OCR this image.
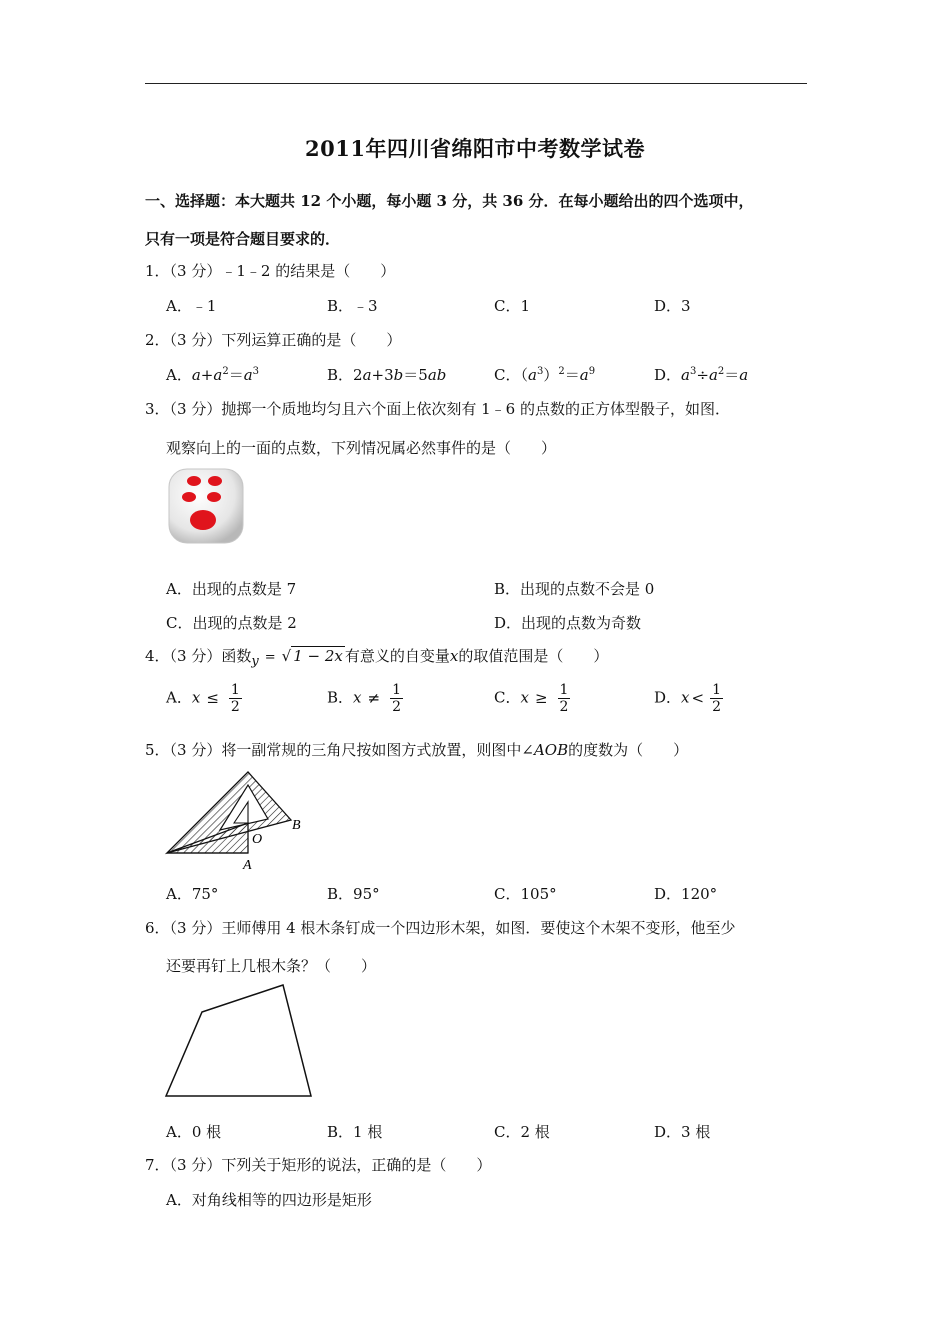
2011年四川省绵阳市中考数学试卷
一、选择题：本大题共 12 个小题，每小题 3 分，共 36 分．在每小题给出的四个选项中，
只有一项是符合题目要求的．
1．（3 分）﹣1﹣2 的结果是（　　）
A．﹣1	B．﹣3	C．1	D．3
2．（3 分）下列运算正确的是（　　）
A．$a+a^2=a^3$	B．2a+3b＝5ab	C．$(a^3)^2=a^9$	D．$a^3\div a^2=a$
3．（3 分）抛掷一个质地均匀且六个面上依次刻有 1﹣6 的点数的正方体型骰子，如图．
观察向上的一面的点数，下列情况属必然事件的是（　　）
A．出现的点数是 7	B．出现的点数不会是 0
C．出现的点数是 2	D．出现的点数为奇数
4．（3 分）函数y = √ 1 − 2x 有意义的自变量x的取值范围是（　　）
A．$x \le \frac{1}{2}$	B．$x \ne \frac{1}{2}$	C．$x \ge \frac{1}{2}$	D．$x < \frac{1}{2}$
5．（3 分）将一副常规的三角尺按如图方式放置，则图中∠AOB的度数为（　　）
O
B
A
A．75°	B．95°	C．105°	D．120°
6．（3 分）王师傅用 4 根木条钉成一个四边形木架，如图．要使这个木架不变形，他至少
还要再钉上几根木条？（　　）
A．0 根	B．1 根	C．2 根	D．3 根
7．（3 分）下列关于矩形的说法，正确的是（　　）
A．对角线相等的四边形是矩形
